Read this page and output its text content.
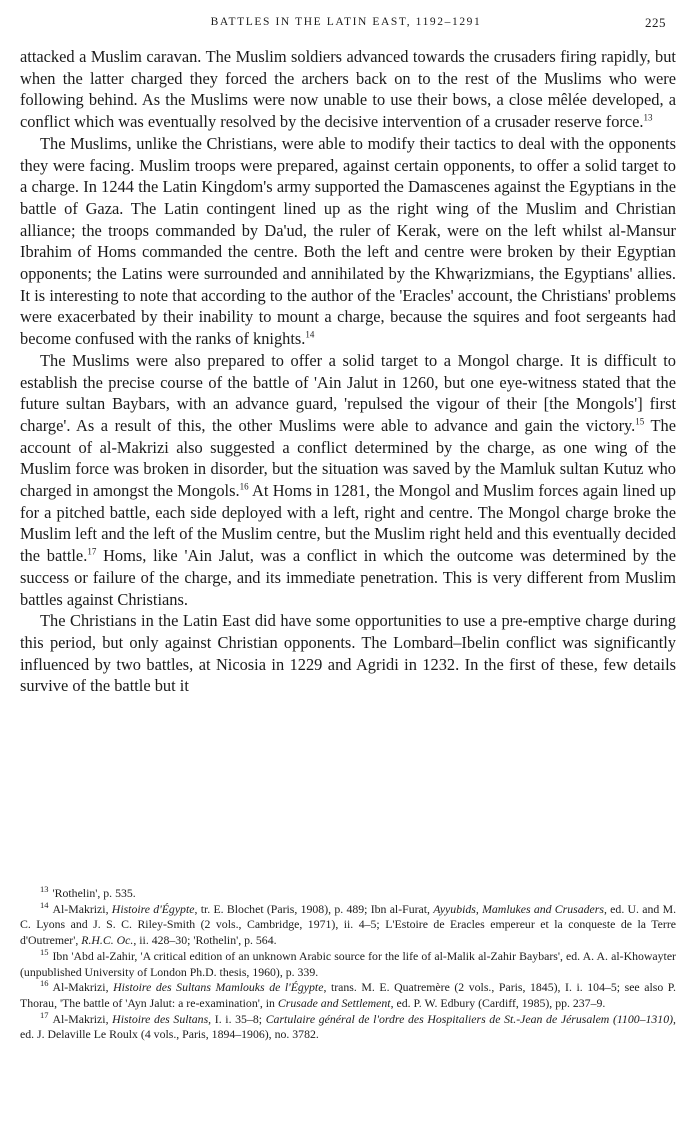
BATTLES IN THE LATIN EAST, 1192–1291	225

attacked a Muslim caravan. The Muslim soldiers advanced towards the crusaders firing rapidly, but when the latter charged they forced the archers back on to the rest of the Muslims who were following behind. As the Muslims were now unable to use their bows, a close mêlée developed, a conflict which was eventually resolved by the decisive intervention of a crusader reserve force.$^{13}$

The Muslims, unlike the Christians, were able to modify their tactics to deal with the opponents they were facing. Muslim troops were prepared, against certain opponents, to offer a solid target to a charge. In 1244 the Latin Kingdom's army supported the Damascenes against the Egyptians in the battle of Gaza. The Latin contingent lined up as the right wing of the Muslim and Christian alliance; the troops commanded by Da'ud, the ruler of Kerak, were on the left whilst al-Mansur Ibrahim of Homs commanded the centre. Both the left and centre were broken by their Egyptian opponents; the Latins were surrounded and annihilated by the Khwạrizmians, the Egyptians' allies. It is interesting to note that according to the author of the 'Eracles' account, the Christians' problems were exacerbated by their inability to mount a charge, because the squires and foot sergeants had become confused with the ranks of knights.$^{14}$

The Muslims were also prepared to offer a solid target to a Mongol charge. It is difficult to establish the precise course of the battle of 'Ain Jalut in 1260, but one eye-witness stated that the future sultan Baybars, with an advance guard, 'repulsed the vigour of their [the Mongols'] first charge'. As a result of this, the other Muslims were able to advance and gain the victory.$^{15}$ The account of al-Makrizi also suggested a conflict determined by the charge, as one wing of the Muslim force was broken in disorder, but the situation was saved by the Mamluk sultan Kutuz who charged in amongst the Mongols.$^{16}$ At Homs in 1281, the Mongol and Muslim forces again lined up for a pitched battle, each side deployed with a left, right and centre. The Mongol charge broke the Muslim left and the left of the Muslim centre, but the Muslim right held and this eventually decided the battle.$^{17}$ Homs, like 'Ain Jalut, was a conflict in which the outcome was determined by the success or failure of the charge, and its immediate penetration. This is very different from Muslim battles against Christians.

The Christians in the Latin East did have some opportunities to use a pre-emptive charge during this period, but only against Christian opponents. The Lombard–Ibelin conflict was significantly influenced by two battles, at Nicosia in 1229 and Agridi in 1232. In the first of these, few details survive of the battle but it

$^{13}$ 'Rothelin', p. 535.

$^{14}$ Al-Makrizi, Histoire d'Égypte, tr. E. Blochet (Paris, 1908), p. 489; Ibn al-Furat, Ayyubids, Mamlukes and Crusaders, ed. U. and M. C. Lyons and J. S. C. Riley-Smith (2 vols., Cambridge, 1971), ii. 4–5; L'Estoire de Eracles empereur et la conqueste de la Terre d'Outremer', R.H.C. Oc., ii. 428–30; 'Rothelin', p. 564.

$^{15}$ Ibn 'Abd al-Zahir, 'A critical edition of an unknown Arabic source for the life of al-Malik al-Zahir Baybars', ed. A. A. al-Khowayter (unpublished University of London Ph.D. thesis, 1960), p. 339.

$^{16}$ Al-Makrizi, Histoire des Sultans Mamlouks de l'Égypte, trans. M. E. Quatremère (2 vols., Paris, 1845), I. i. 104–5; see also P. Thorau, 'The battle of 'Ayn Jalut: a re-examination', in Crusade and Settlement, ed. P. W. Edbury (Cardiff, 1985), pp. 237–9.

$^{17}$ Al-Makrizi, Histoire des Sultans, I. i. 35–8; Cartulaire général de l'ordre des Hospitaliers de St.-Jean de Jérusalem (1100–1310), ed. J. Delaville Le Roulx (4 vols., Paris, 1894–1906), no. 3782.
